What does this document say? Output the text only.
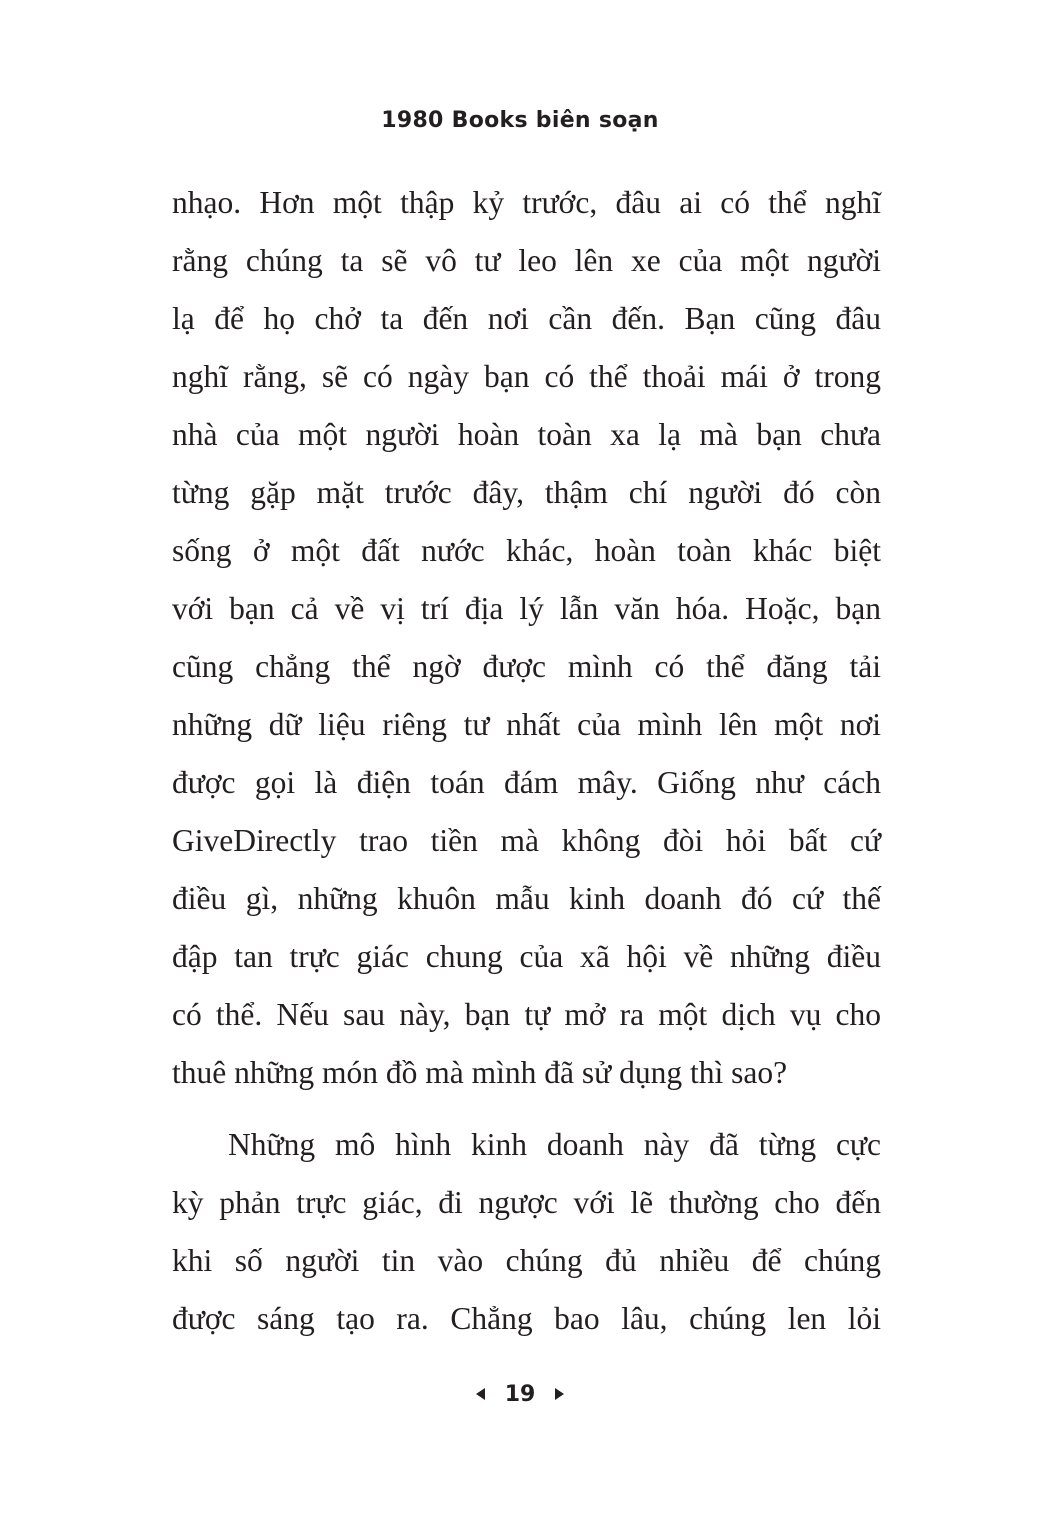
1980 Books biên soạn
nhạo. Hơn một thập kỷ trước, đâu ai có thể nghĩ
rằng chúng ta sẽ vô tư leo lên xe của một người
lạ để họ chở ta đến nơi cần đến. Bạn cũng đâu
nghĩ rằng, sẽ có ngày bạn có thể thoải mái ở trong
nhà của một người hoàn toàn xa lạ mà bạn chưa
từng gặp mặt trước đây, thậm chí người đó còn
sống ở một đất nước khác, hoàn toàn khác biệt
với bạn cả về vị trí địa lý lẫn văn hóa. Hoặc, bạn
cũng chẳng thể ngờ được mình có thể đăng tải
những dữ liệu riêng tư nhất của mình lên một nơi
được gọi là điện toán đám mây. Giống như cách
GiveDirectly trao tiền mà không đòi hỏi bất cứ
điều gì, những khuôn mẫu kinh doanh đó cứ thế
đập tan trực giác chung của xã hội về những điều
có thể. Nếu sau này, bạn tự mở ra một dịch vụ cho
thuê những món đồ mà mình đã sử dụng thì sao?
Những mô hình kinh doanh này đã từng cực
kỳ phản trực giác, đi ngược với lẽ thường cho đến
khi số người tin vào chúng đủ nhiều để chúng
được sáng tạo ra. Chẳng bao lâu, chúng len lỏi
19
